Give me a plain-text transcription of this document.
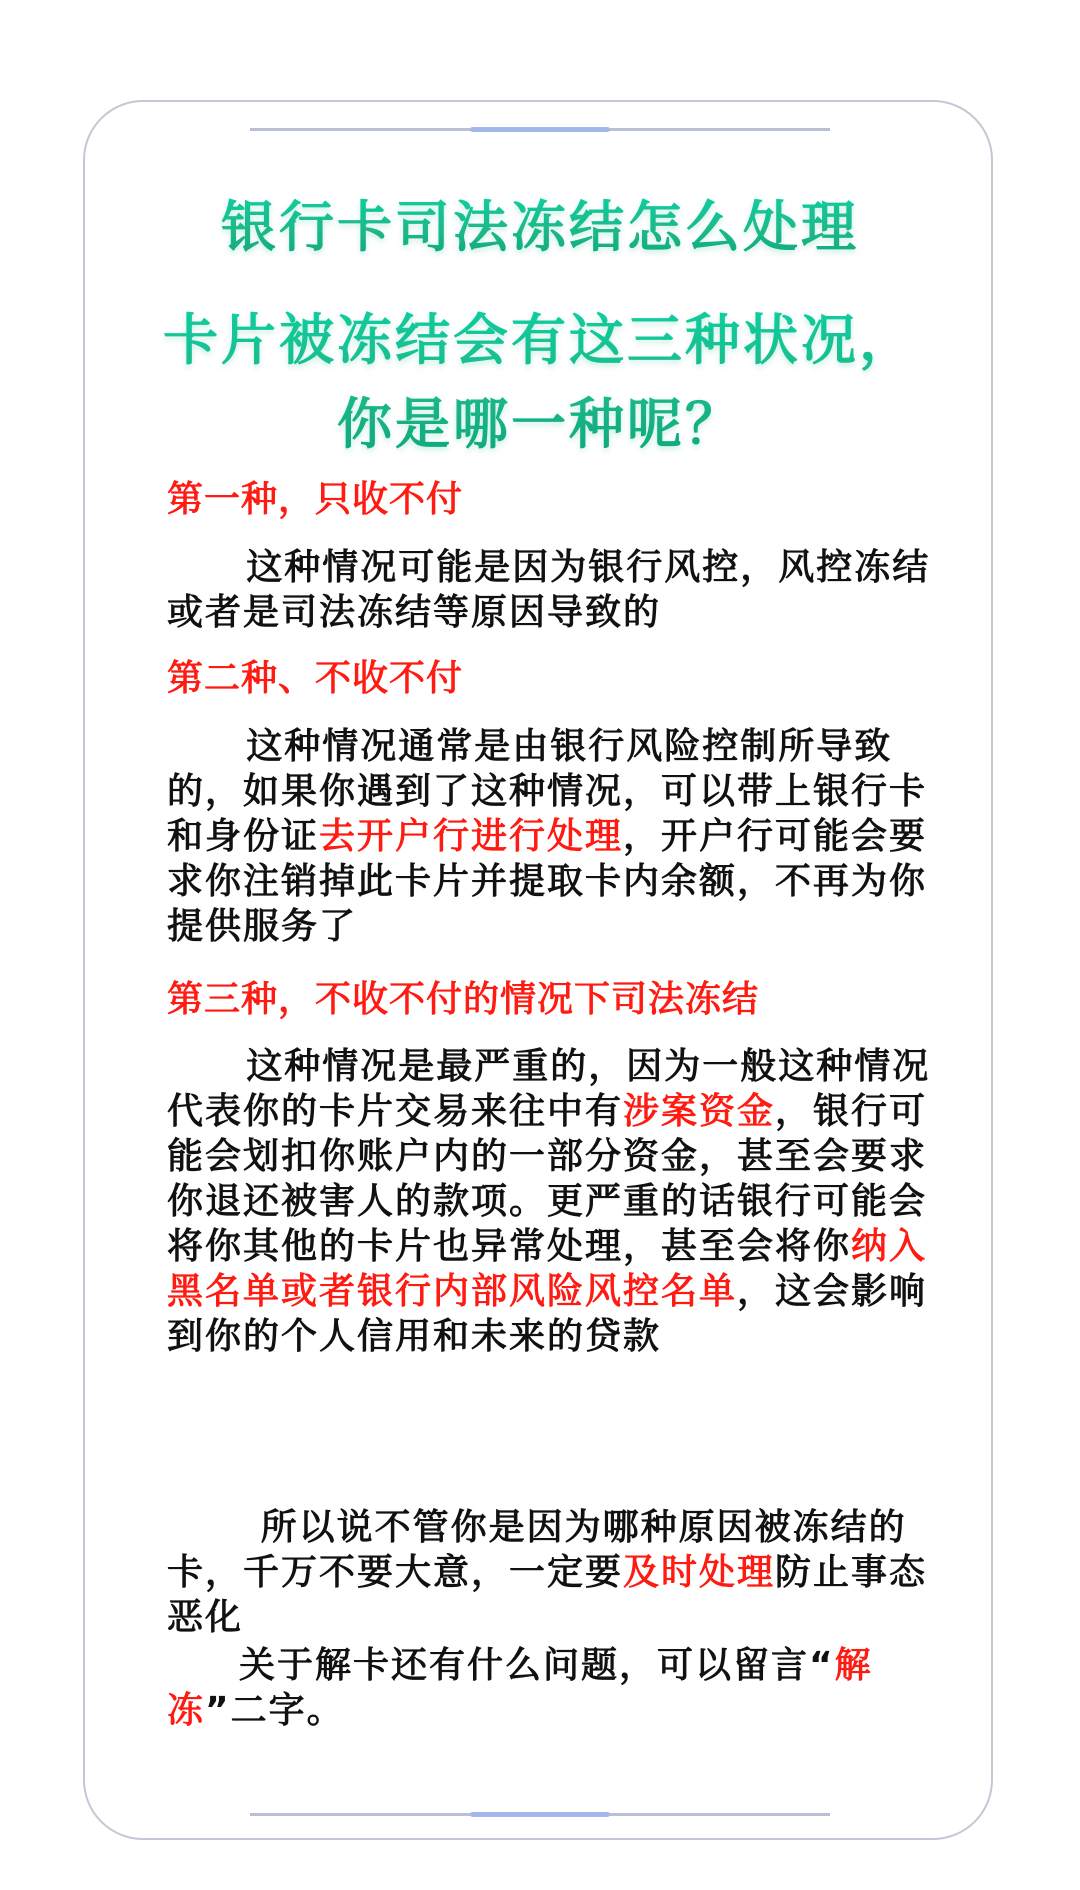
银行卡司法冻结怎么处理
卡片被冻结会有这三种状况，
你是哪一种呢？
第一种，只收不付
这种情况可能是因为银行风控，风控冻结或者是司法冻结等原因导致的
第二种、不收不付
这种情况通常是由银行风险控制所导致的，如果你遇到了这种情况，可以带上银行卡和身份证去开户行进行处理，开户行可能会要求你注销掉此卡片并提取卡内余额，不再为你提供服务了
第三种，不收不付的情况下司法冻结
这种情况是最严重的，因为一般这种情况代表你的卡片交易来往中有涉案资金，银行可能会划扣你账户内的一部分资金，甚至会要求你退还被害人的款项。更严重的话银行可能会将你其他的卡片也异常处理，甚至会将你纳入黑名单或者银行内部风险风控名单，这会影响到你的个人信用和未来的贷款
所以说不管你是因为哪种原因被冻结的卡，千万不要大意，一定要及时处理防止事态恶化
关于解卡还有什么问题，可以留言“解冻”二字。
